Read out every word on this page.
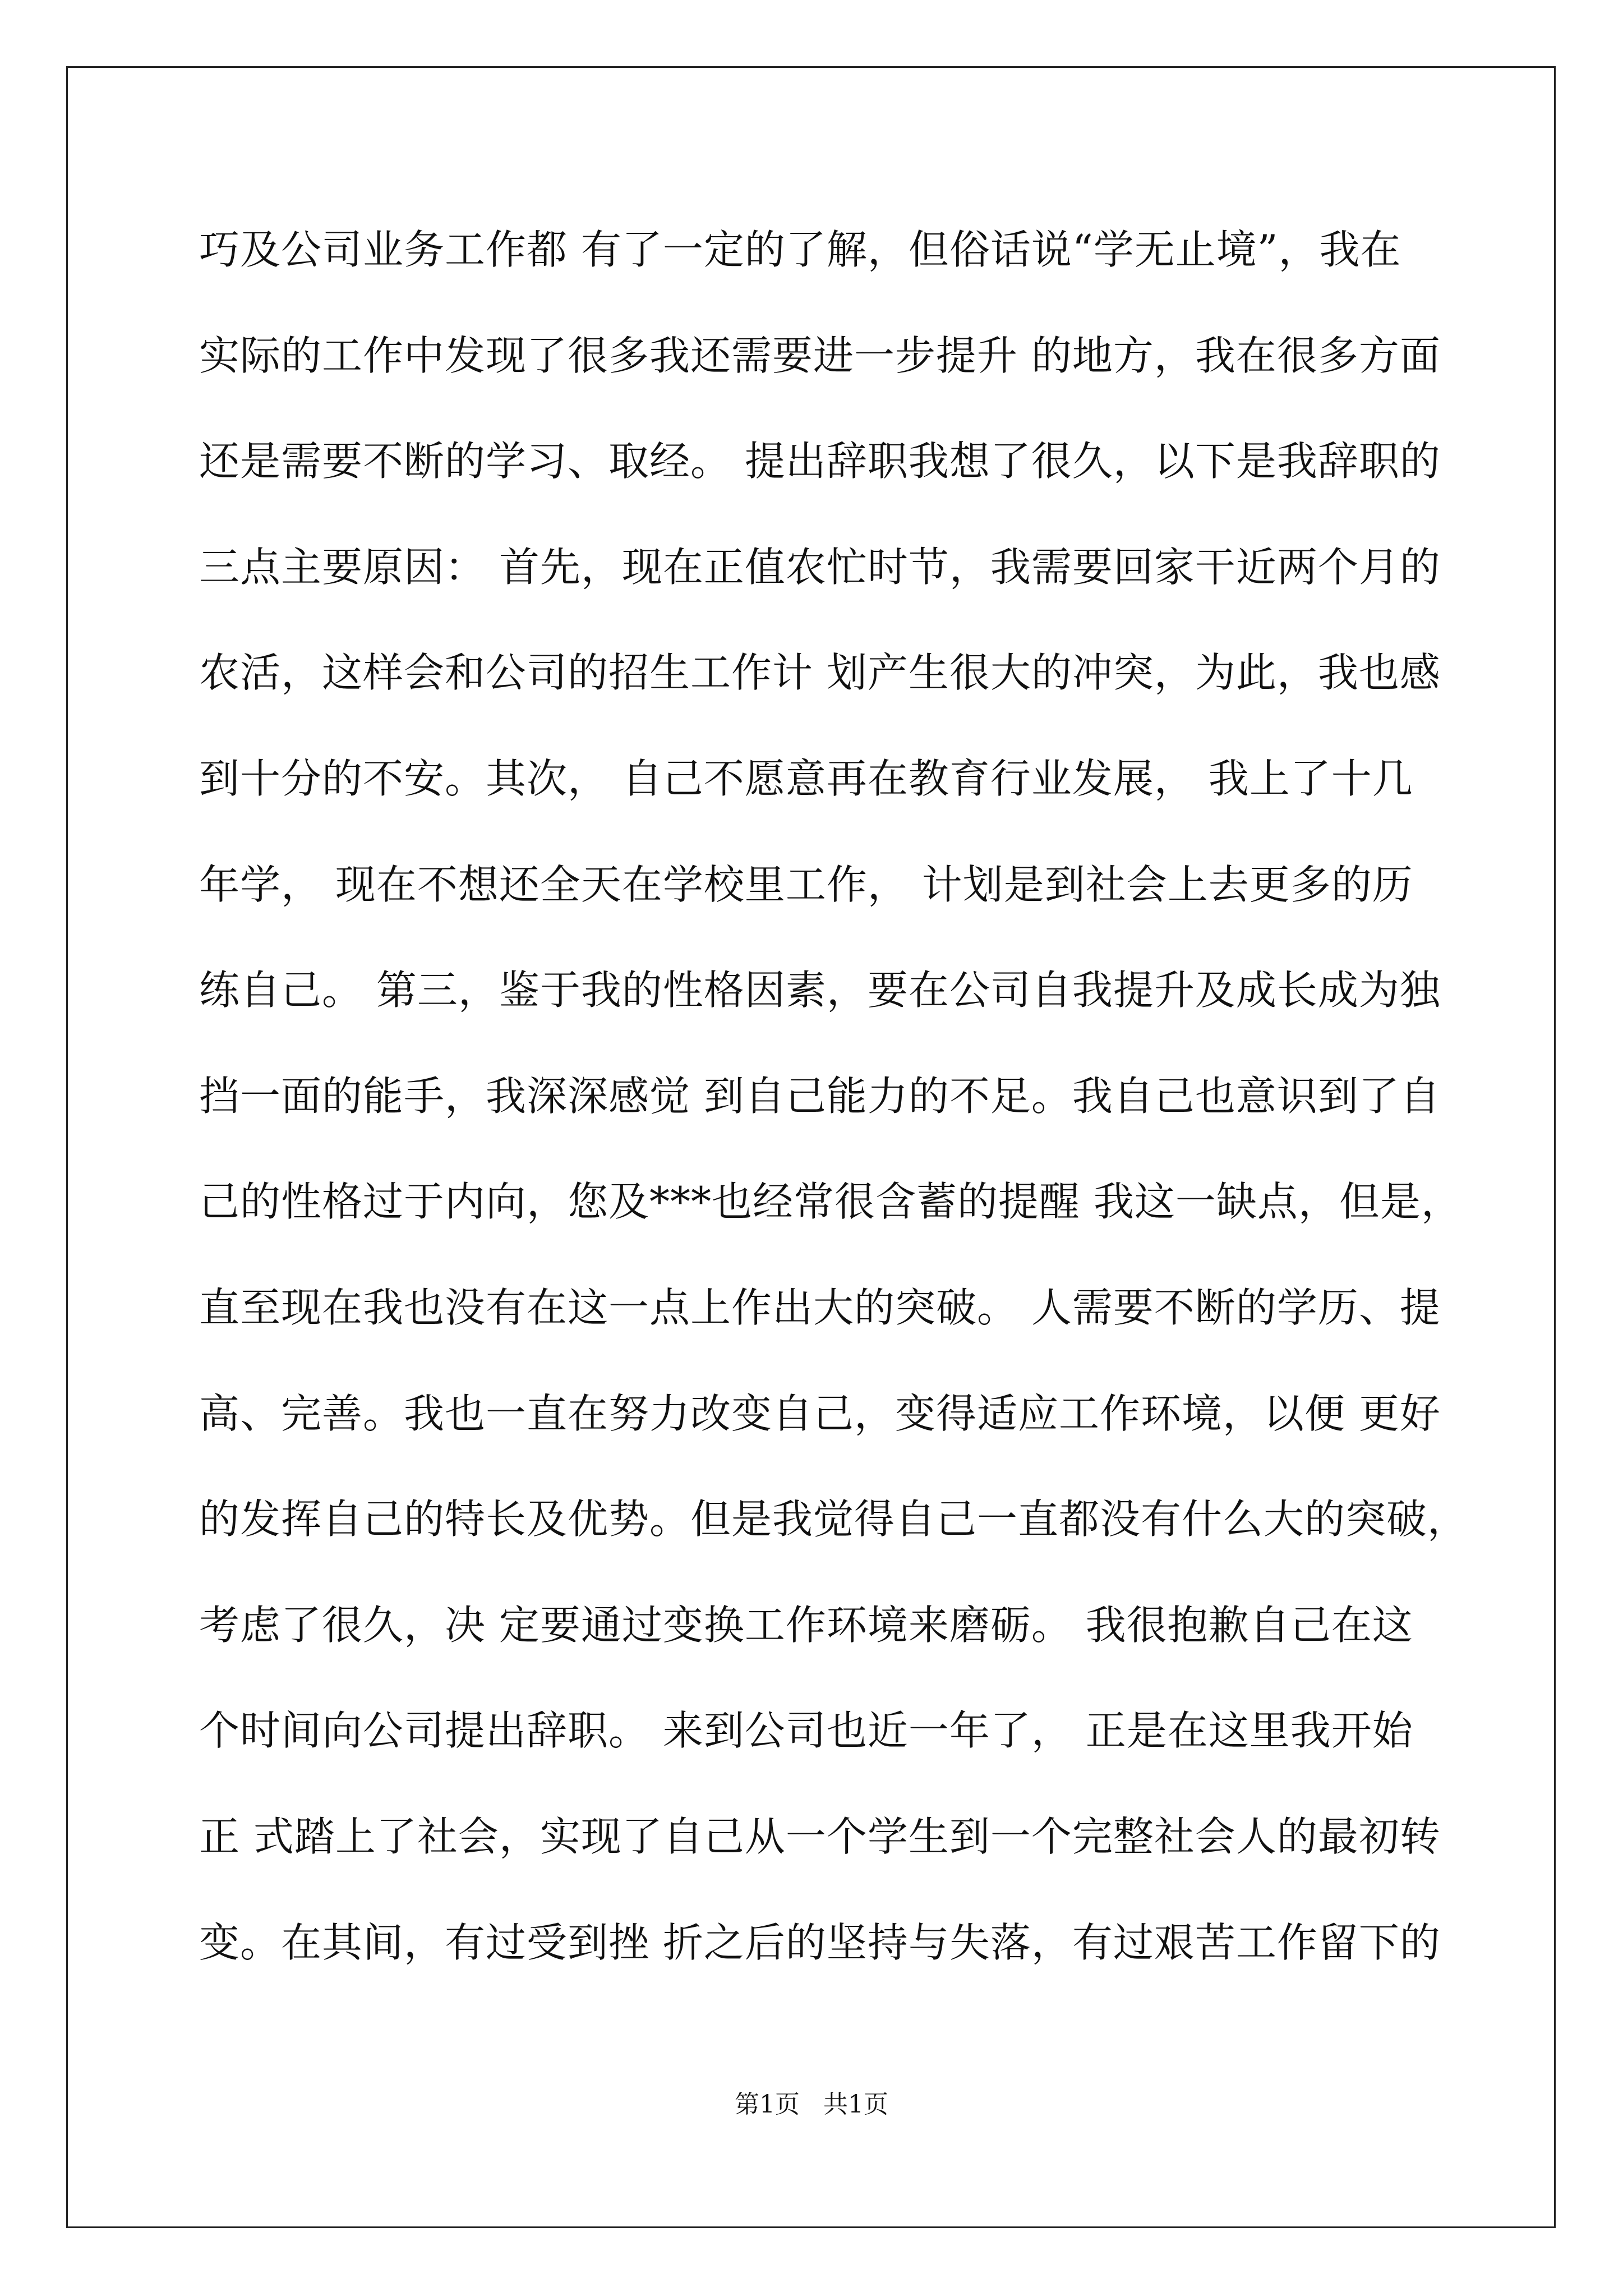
巧及公司业务工作都 有了一定的了解，但俗话说“学无止境”，我在
实际的工作中发现了很多我还需要进一步提升 的地方，我在很多方面
还是需要不断的学习、取经。 提出辞职我想了很久，以下是我辞职的
三点主要原因： 首先，现在正值农忙时节，我需要回家干近两个月的
农活，这样会和公司的招生工作计 划产生很大的冲突，为此，我也感
到十分的不安。其次， 自己不愿意再在教育行业发展， 我上了十几
年学， 现在不想还全天在学校里工作， 计划是到社会上去更多的历
练自己。 第三，鉴于我的性格因素，要在公司自我提升及成长成为独
挡一面的能手，我深深感觉 到自己能力的不足。我自己也意识到了自
己的性格过于内向，您及***也经常很含蓄的提醒 我这一缺点，但是，
直至现在我也没有在这一点上作出大的突破。 人需要不断的学历、提
高、完善。我也一直在努力改变自己，变得适应工作环境，以便 更好
的发挥自己的特长及优势。但是我觉得自己一直都没有什么大的突破，
考虑了很久，决 定要通过变换工作环境来磨砺。 我很抱歉自己在这
个时间向公司提出辞职。 来到公司也近一年了， 正是在这里我开始
正 式踏上了社会，实现了自己从一个学生到一个完整社会人的最初转
变。在其间，有过受到挫 折之后的坚持与失落，有过艰苦工作留下的
第1页   共1页
